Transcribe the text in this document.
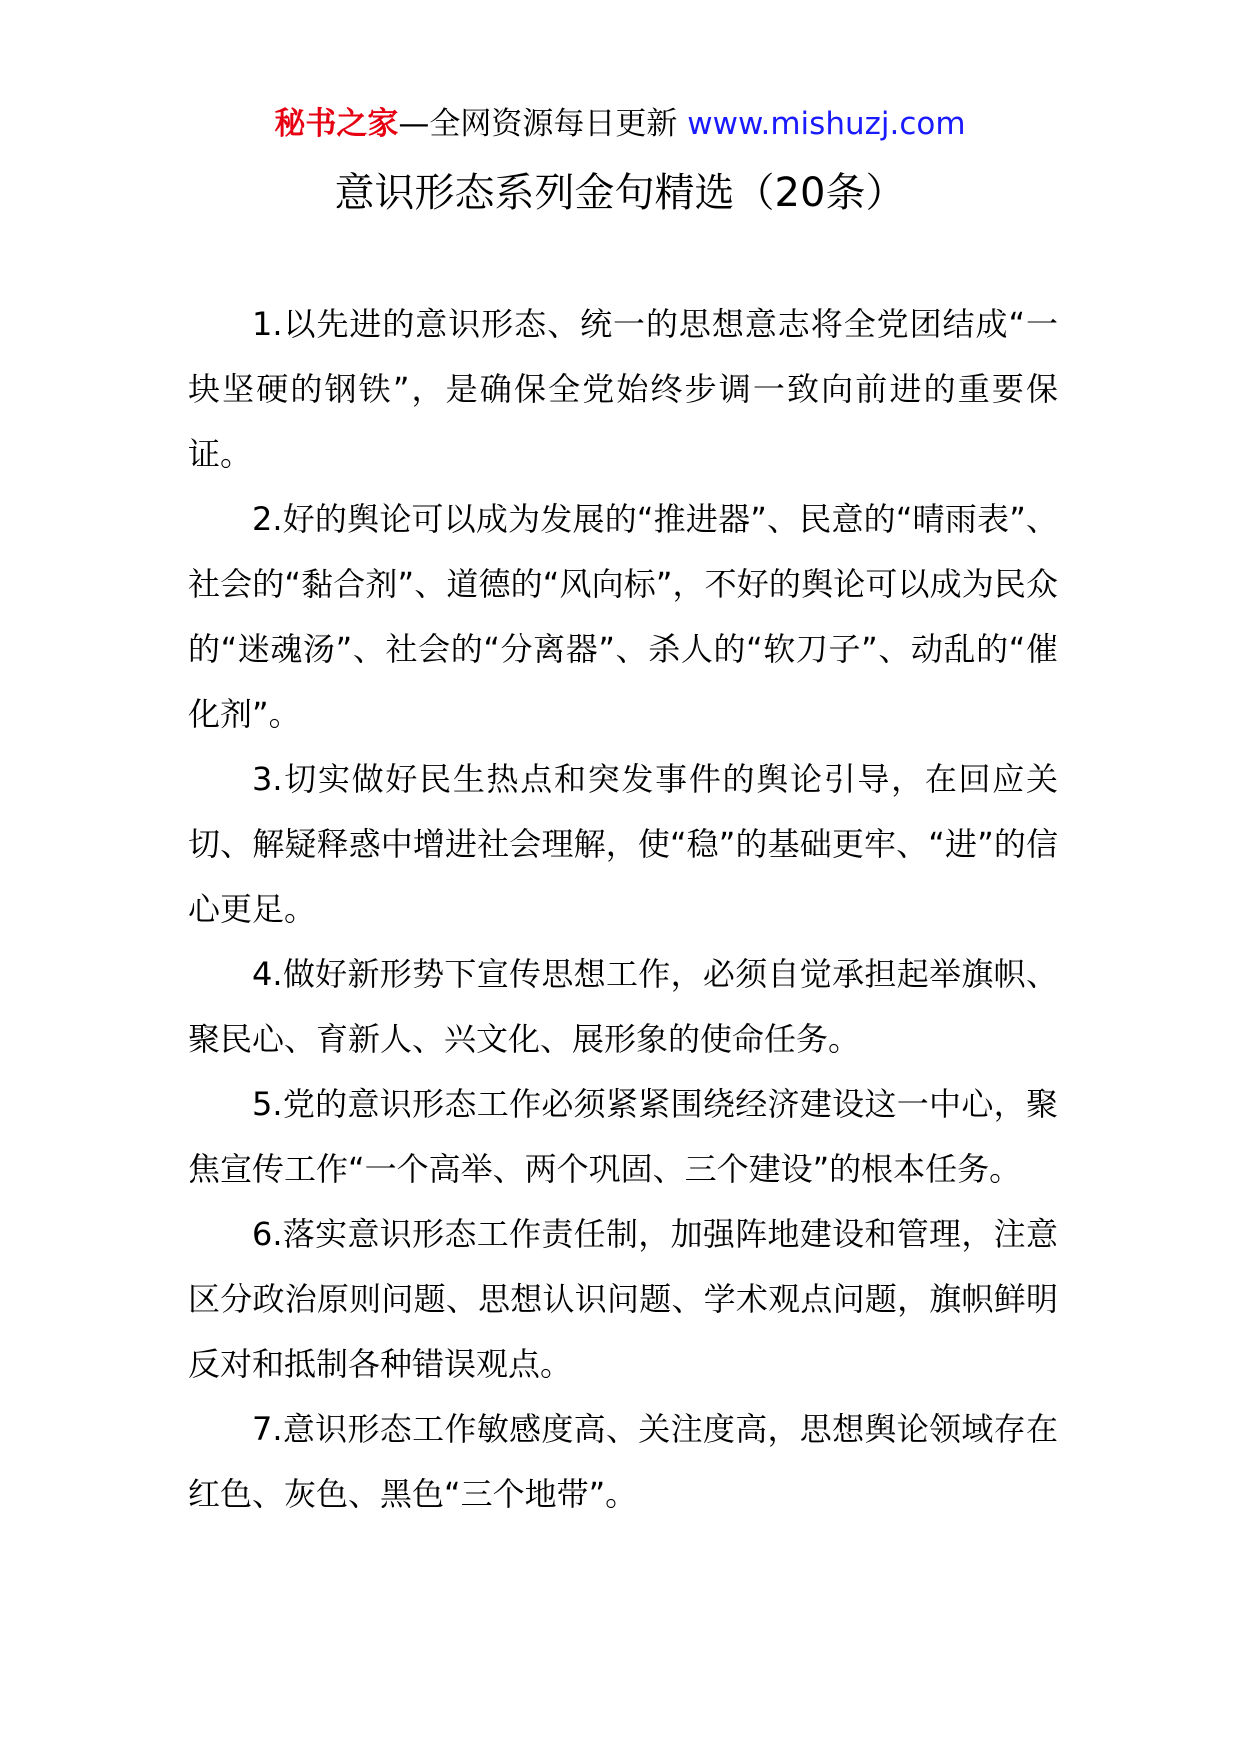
秘书之家—全网资源每日更新 www.mishuzj.com
意识形态系列金句精选（20条）

1.以先进的意识形态、统一的思想意志将全党团结成“一块坚硬的钢铁”，是确保全党始终步调一致向前进的重要保证。

2.好的舆论可以成为发展的“推进器”、民意的“晴雨表”、社会的“黏合剂”、道德的“风向标”，不好的舆论可以成为民众的“迷魂汤”、社会的“分离器”、杀人的“软刀子”、动乱的“催化剂”。

3.切实做好民生热点和突发事件的舆论引导，在回应关切、解疑释惑中增进社会理解，使“稳”的基础更牢、“进”的信心更足。

4.做好新形势下宣传思想工作，必须自觉承担起举旗帜、聚民心、育新人、兴文化、展形象的使命任务。

5.党的意识形态工作必须紧紧围绕经济建设这一中心，聚焦宣传工作“一个高举、两个巩固、三个建设”的根本任务。

6.落实意识形态工作责任制，加强阵地建设和管理，注意区分政治原则问题、思想认识问题、学术观点问题，旗帜鲜明反对和抵制各种错误观点。

7.意识形态工作敏感度高、关注度高，思想舆论领域存在红色、灰色、黑色“三个地带”。
